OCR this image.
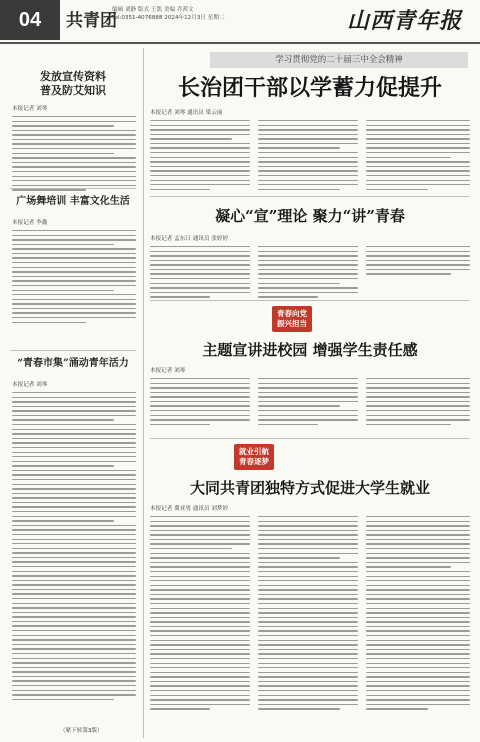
04	共青团
编辑 刘静 版式 王凯 美编 乔茜文
Tel:0351-4076888 2024年12月3日 星期二	山西青年报
发放宣传资料
普及防艾知识
本报记者 刘琴
广场舞培训 丰富文化生活
本报记者 李鑫
“青春市集”涌动青年活力
本报记者 刘琴
（紧下转第3版）
学习贯彻党的二十届三中全会精神
长治团干部以学蓄力促提升
本报记者 刘琴 通讯员 梁云丽
凝心“宣”理论 聚力“讲”青春
本报记者 孟东日 通讯员 张婷婷
青春向党
振兴担当
主题宣讲进校园 增强学生责任感
本报记者 刘琴
就业引航
青春逐梦
大同共青团独特方式促进大学生就业
本报记者 冀亚男 通讯员 刘梦婷
